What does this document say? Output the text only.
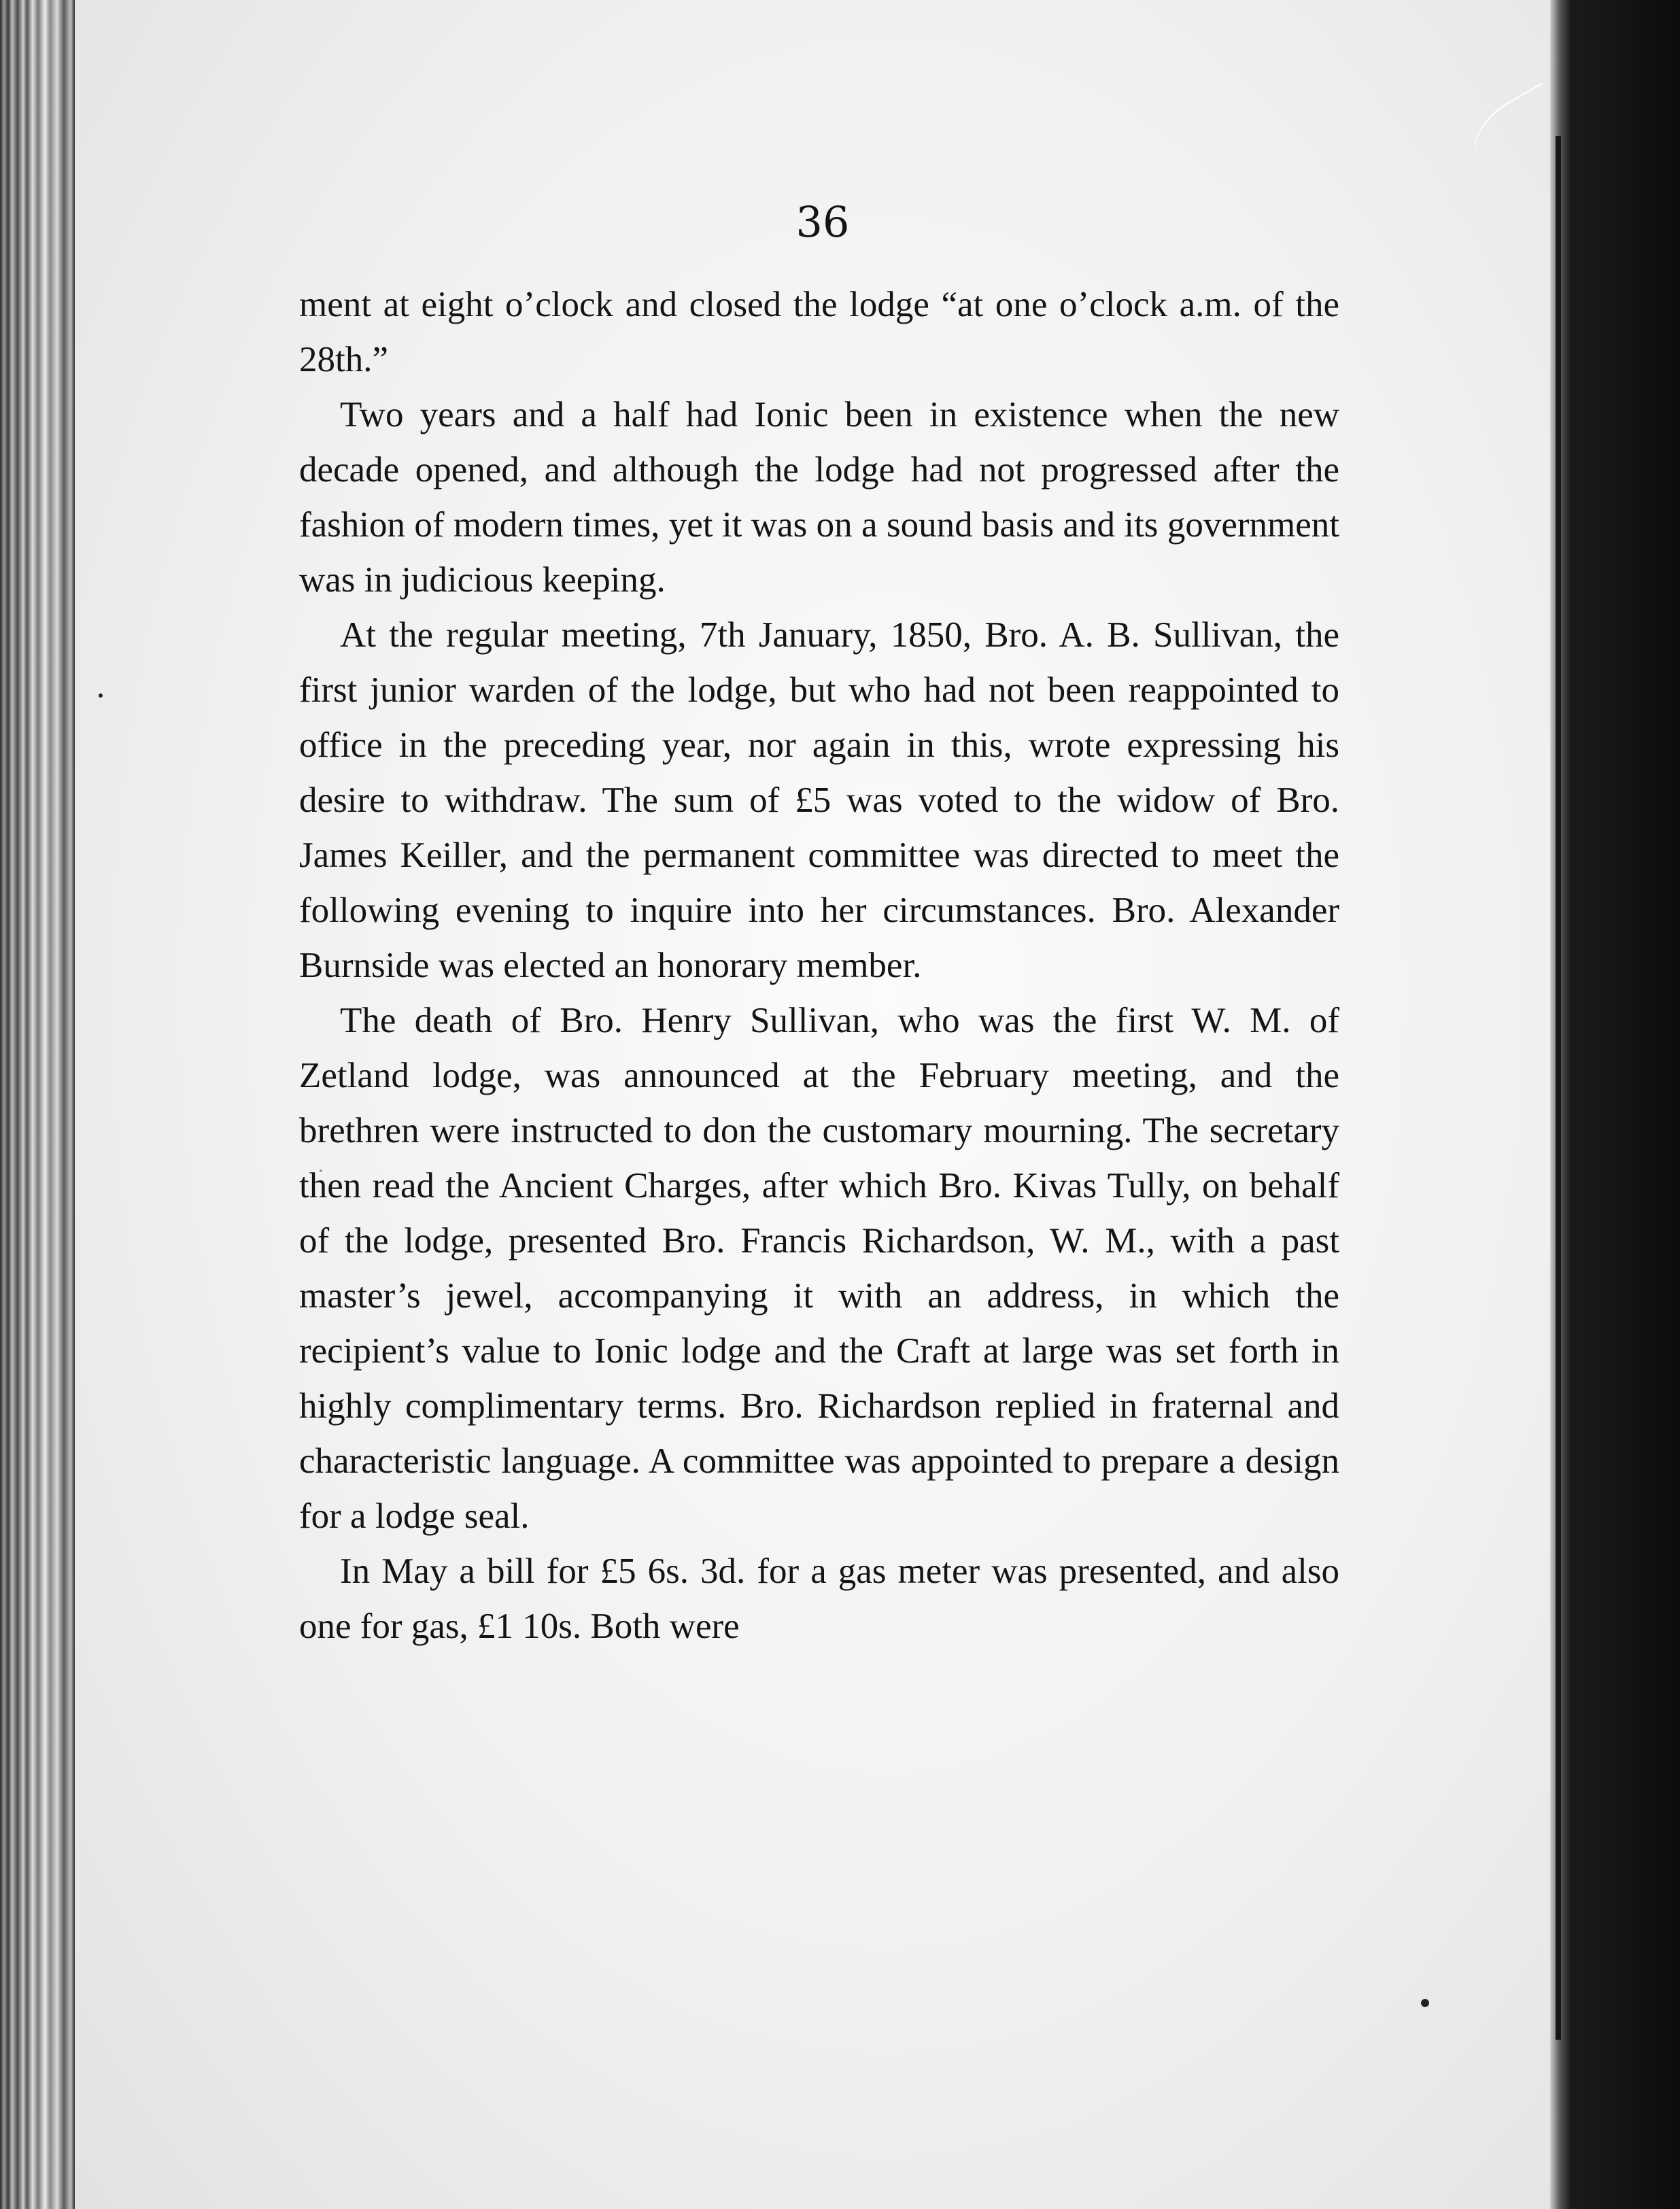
36

ment at eight o’clock and closed the lodge “at one o’clock a.m. of the 28th.”

Two years and a half had Ionic been in existence when the new decade opened, and although the lodge had not progressed after the fashion of modern times, yet it was on a sound basis and its government was in judicious keeping.

At the regular meeting, 7th January, 1850, Bro. A. B. Sullivan, the first junior warden of the lodge, but who had not been reappointed to office in the preceding year, nor again in this, wrote expressing his desire to withdraw. The sum of £5 was voted to the widow of Bro. James Keiller, and the permanent committee was directed to meet the following evening to inquire into her circumstances. Bro. Alexander Burnside was elected an honorary member.

The death of Bro. Henry Sullivan, who was the first W. M. of Zetland lodge, was announced at the February meeting, and the brethren were instructed to don the customary mourning. The secretary then read the Ancient Charges, after which Bro. Kivas Tully, on behalf of the lodge, presented Bro. Francis Richardson, W. M., with a past master’s jewel, accompanying it with an address, in which the recipient’s value to Ionic lodge and the Craft at large was set forth in highly complimentary terms. Bro. Richardson replied in fraternal and characteristic language. A committee was appointed to prepare a design for a lodge seal.

In May a bill for £5 6s. 3d. for a gas meter was presented, and also one for gas, £1 10s. Both were
